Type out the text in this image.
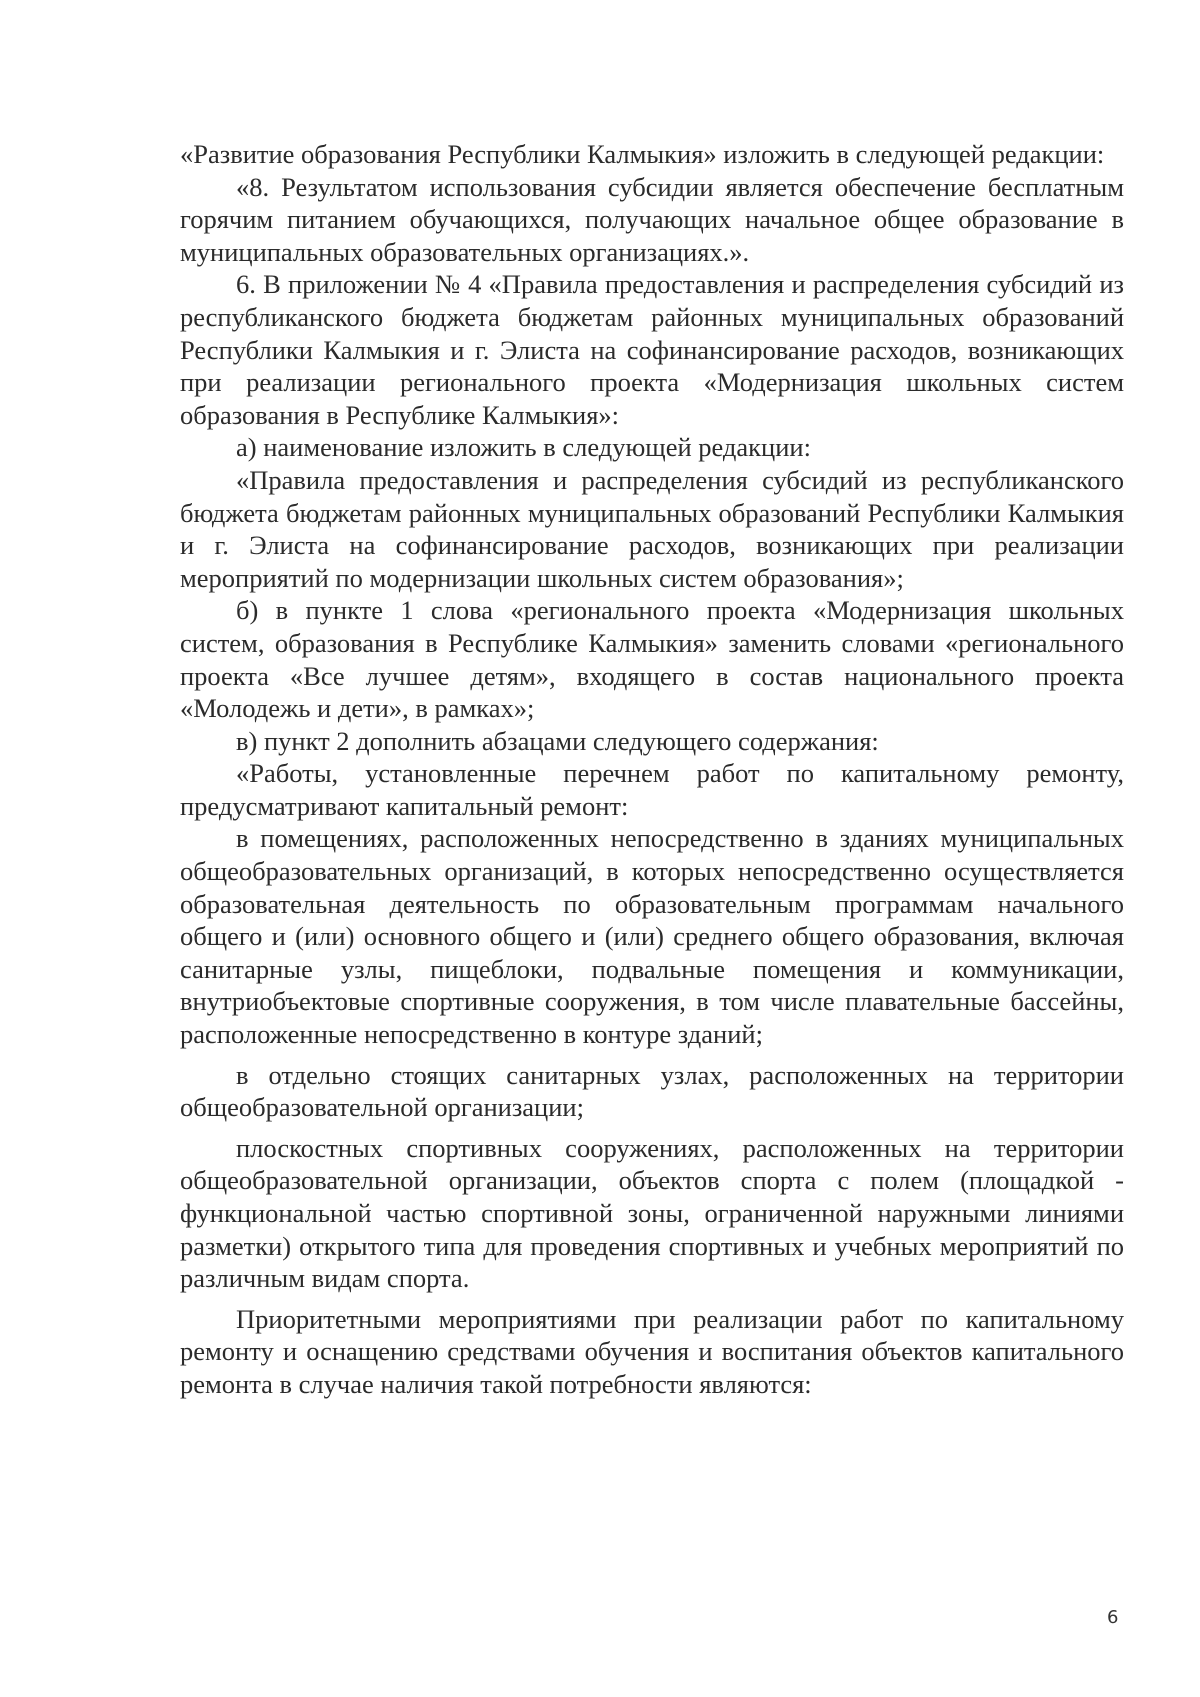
«Развитие образования Республики Калмыкия» изложить в следующей редакции:

«8. Результатом использования субсидии является обеспечение бесплатным горячим питанием обучающихся, получающих начальное общее образование в муниципальных образовательных организациях.».

6. В приложении № 4 «Правила предоставления и распределения субсидий из республиканского бюджета бюджетам районных муниципальных образований Республики Калмыкия и г. Элиста на софинансирование расходов, возникающих при реализации регионального проекта «Модернизация школьных систем образования в Республике Калмыкия»:

а) наименование изложить в следующей редакции:

«Правила предоставления и распределения субсидий из республиканского бюджета бюджетам районных муниципальных образований Республики Калмыкия и г. Элиста на софинансирование расходов, возникающих при реализации мероприятий по модернизации школьных систем образования»;

б) в пункте 1 слова «регионального проекта «Модернизация школьных систем, образования в Республике Калмыкия» заменить словами «регионального проекта «Все лучшее детям», входящего в состав национального проекта «Молодежь и дети», в рамках»;

в) пункт 2 дополнить абзацами следующего содержания:

«Работы, установленные перечнем работ по капитальному ремонту, предусматривают капитальный ремонт:

в помещениях, расположенных непосредственно в зданиях муниципальных общеобразовательных организаций, в которых непосредственно осуществляется образовательная деятельность по образовательным программам начального общего и (или) основного общего и (или) среднего общего образования, включая санитарные узлы, пищеблоки, подвальные помещения и коммуникации, внутриобъектовые спортивные сооружения, в том числе плавательные бассейны, расположенные непосредственно в контуре зданий;

в отдельно стоящих санитарных узлах, расположенных на территории общеобразовательной организации;

плоскостных спортивных сооружениях, расположенных на территории общеобразовательной организации, объектов спорта с полем (площадкой - функциональной частью спортивной зоны, ограниченной наружными линиями разметки) открытого типа для проведения спортивных и учебных мероприятий по различным видам спорта.

Приоритетными мероприятиями при реализации работ по капитальному ремонту и оснащению средствами обучения и воспитания объектов капитального ремонта в случае наличия такой потребности являются:

6
